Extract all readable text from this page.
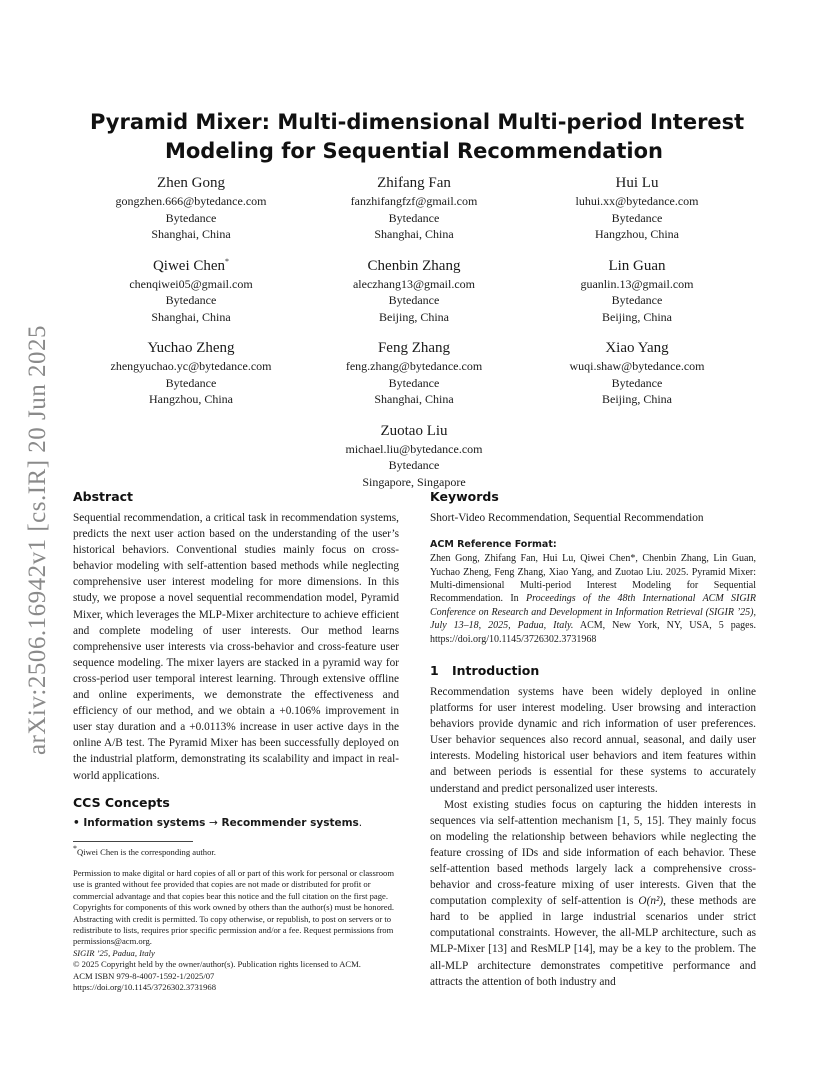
arXiv:2506.16942v1 [cs.IR] 20 Jun 2025
Pyramid Mixer: Multi-dimensional Multi-period Interest
Modeling for Sequential Recommendation
Zhen Gong
gongzhen.666@bytedance.com
Bytedance
Shanghai, China
Zhifang Fan
fanzhifangfzf@gmail.com
Bytedance
Shanghai, China
Hui Lu
luhui.xx@bytedance.com
Bytedance
Hangzhou, China
Qiwei Chen*
chenqiwei05@gmail.com
Bytedance
Shanghai, China
Chenbin Zhang
aleczhang13@gmail.com
Bytedance
Beijing, China
Lin Guan
guanlin.13@gmail.com
Bytedance
Beijing, China
Yuchao Zheng
zhengyuchao.yc@bytedance.com
Bytedance
Hangzhou, China
Feng Zhang
feng.zhang@bytedance.com
Bytedance
Shanghai, China
Xiao Yang
wuqi.shaw@bytedance.com
Bytedance
Beijing, China
Zuotao Liu
michael.liu@bytedance.com
Bytedance
Singapore, Singapore
Abstract

Sequential recommendation, a critical task in recommendation systems, predicts the next user action based on the understanding of the user’s historical behaviors. Conventional studies mainly focus on cross-behavior modeling with self-attention based methods while neglecting comprehensive user interest modeling for more dimensions. In this study, we propose a novel sequential recommendation model, Pyramid Mixer, which leverages the MLP-Mixer architecture to achieve efficient and complete modeling of user interests. Our method learns comprehensive user interests via cross-behavior and cross-feature user sequence modeling. The mixer layers are stacked in a pyramid way for cross-period user temporal interest learning. Through extensive offline and online experiments, we demonstrate the effectiveness and efficiency of our method, and we obtain a +0.106% improvement in user stay duration and a +0.0113% increase in user active days in the online A/B test. The Pyramid Mixer has been successfully deployed on the industrial platform, demonstrating its scalability and impact in real-world applications.

CCS Concepts
• Information systems → Recommender systems.
*Qiwei Chen is the corresponding author.

Permission to make digital or hard copies of all or part of this work for personal or classroom use is granted without fee provided that copies are not made or distributed for profit or commercial advantage and that copies bear this notice and the full citation on the first page. Copyrights for components of this work owned by others than the author(s) must be honored. Abstracting with credit is permitted. To copy otherwise, or republish, to post on servers or to redistribute to lists, requires prior specific permission and/or a fee. Request permissions from permissions@acm.org.

SIGIR ’25, Padua, Italy

© 2025 Copyright held by the owner/author(s). Publication rights licensed to ACM.

ACM ISBN 979-8-4007-1592-1/2025/07

https://doi.org/10.1145/3726302.3731968

Keywords

Short-Video Recommendation, Sequential Recommendation

ACM Reference Format:

Zhen Gong, Zhifang Fan, Hui Lu, Qiwei Chen*, Chenbin Zhang, Lin Guan, Yuchao Zheng, Feng Zhang, Xiao Yang, and Zuotao Liu. 2025. Pyramid Mixer: Multi-dimensional Multi-period Interest Modeling for Sequential Recommendation. In Proceedings of the 48th International ACM SIGIR Conference on Research and Development in Information Retrieval (SIGIR ’25), July 13–18, 2025, Padua, Italy. ACM, New York, NY, USA, 5 pages. https://doi.org/10.1145/3726302.3731968

1 Introduction

Recommendation systems have been widely deployed in online platforms for user interest modeling. User browsing and interaction behaviors provide dynamic and rich information of user preferences. User behavior sequences also record annual, seasonal, and daily user interests. Modeling historical user behaviors and item features within and between periods is essential for these systems to accurately understand and predict personalized user interests.

Most existing studies focus on capturing the hidden interests in sequences via self-attention mechanism [1, 5, 15]. They mainly focus on modeling the relationship between behaviors while neglecting the feature crossing of IDs and side information of each behavior. These self-attention based methods largely lack a comprehensive cross-behavior and cross-feature mixing of user interests. Given that the computation complexity of self-attention is O(n²), these methods are hard to be applied in large industrial scenarios under strict computational constraints. However, the all-MLP architecture, such as MLP-Mixer [13] and ResMLP [14], may be a key to the problem. The all-MLP architecture demonstrates competitive performance and attracts the attention of both industry and
